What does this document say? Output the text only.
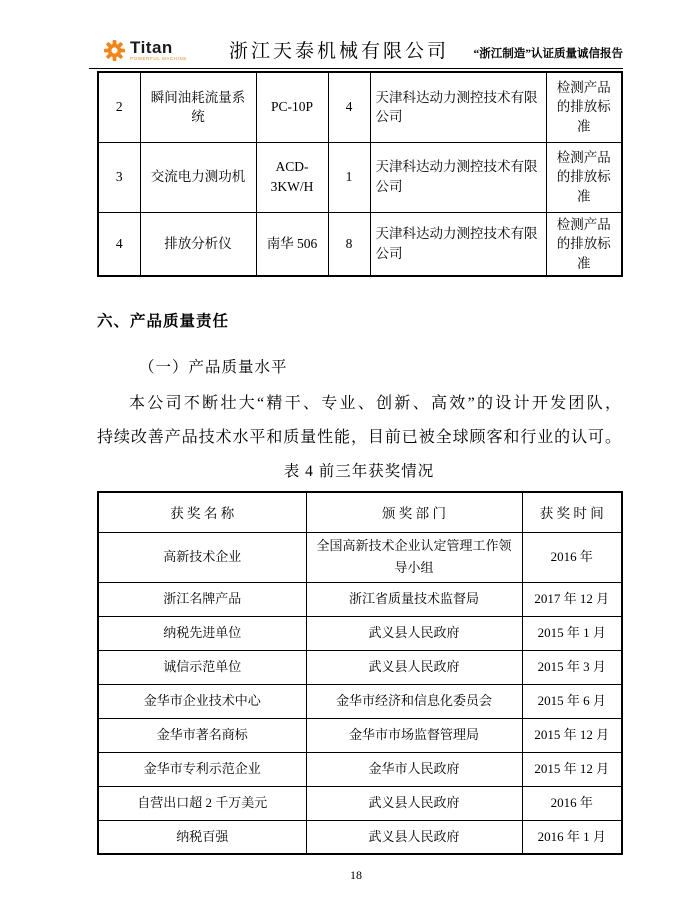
Titan
POWERFUL MACHINE 浙江天泰机械有限公司 “浙江制造”认证质量诚信报告
2	瞬间油耗流量系统	PC-10P	4	天津科达动力测控技术有限公司	检测产品的排放标准
3	交流电力测功机	ACD-3KW/H	1	天津科达动力测控技术有限公司	检测产品的排放标准
4	排放分析仪	南华 506	8	天津科达动力测控技术有限公司	检测产品的排放标准
六、产品质量责任
（一）产品质量水平
本公司不断壮大“精干、专业、创新、高效”的设计开发团队，
持续改善产品技术水平和质量性能，目前已被全球顾客和行业的认可。
表 4 前三年获奖情况
获 奖 名 称	颁 奖 部 门	获 奖 时 间
高新技术企业	全国高新技术企业认定管理工作领导小组	2016 年
浙江名牌产品	浙江省质量技术监督局	2017 年 12 月
纳税先进单位	武义县人民政府	2015 年 1 月
诚信示范单位	武义县人民政府	2015 年 3 月
金华市企业技术中心	金华市经济和信息化委员会	2015 年 6 月
金华市著名商标	金华市市场监督管理局	2015 年 12 月
金华市专利示范企业	金华市人民政府	2015 年 12 月
自营出口超 2 千万美元	武义县人民政府	2016 年
纳税百强	武义县人民政府	2016 年 1 月
18
